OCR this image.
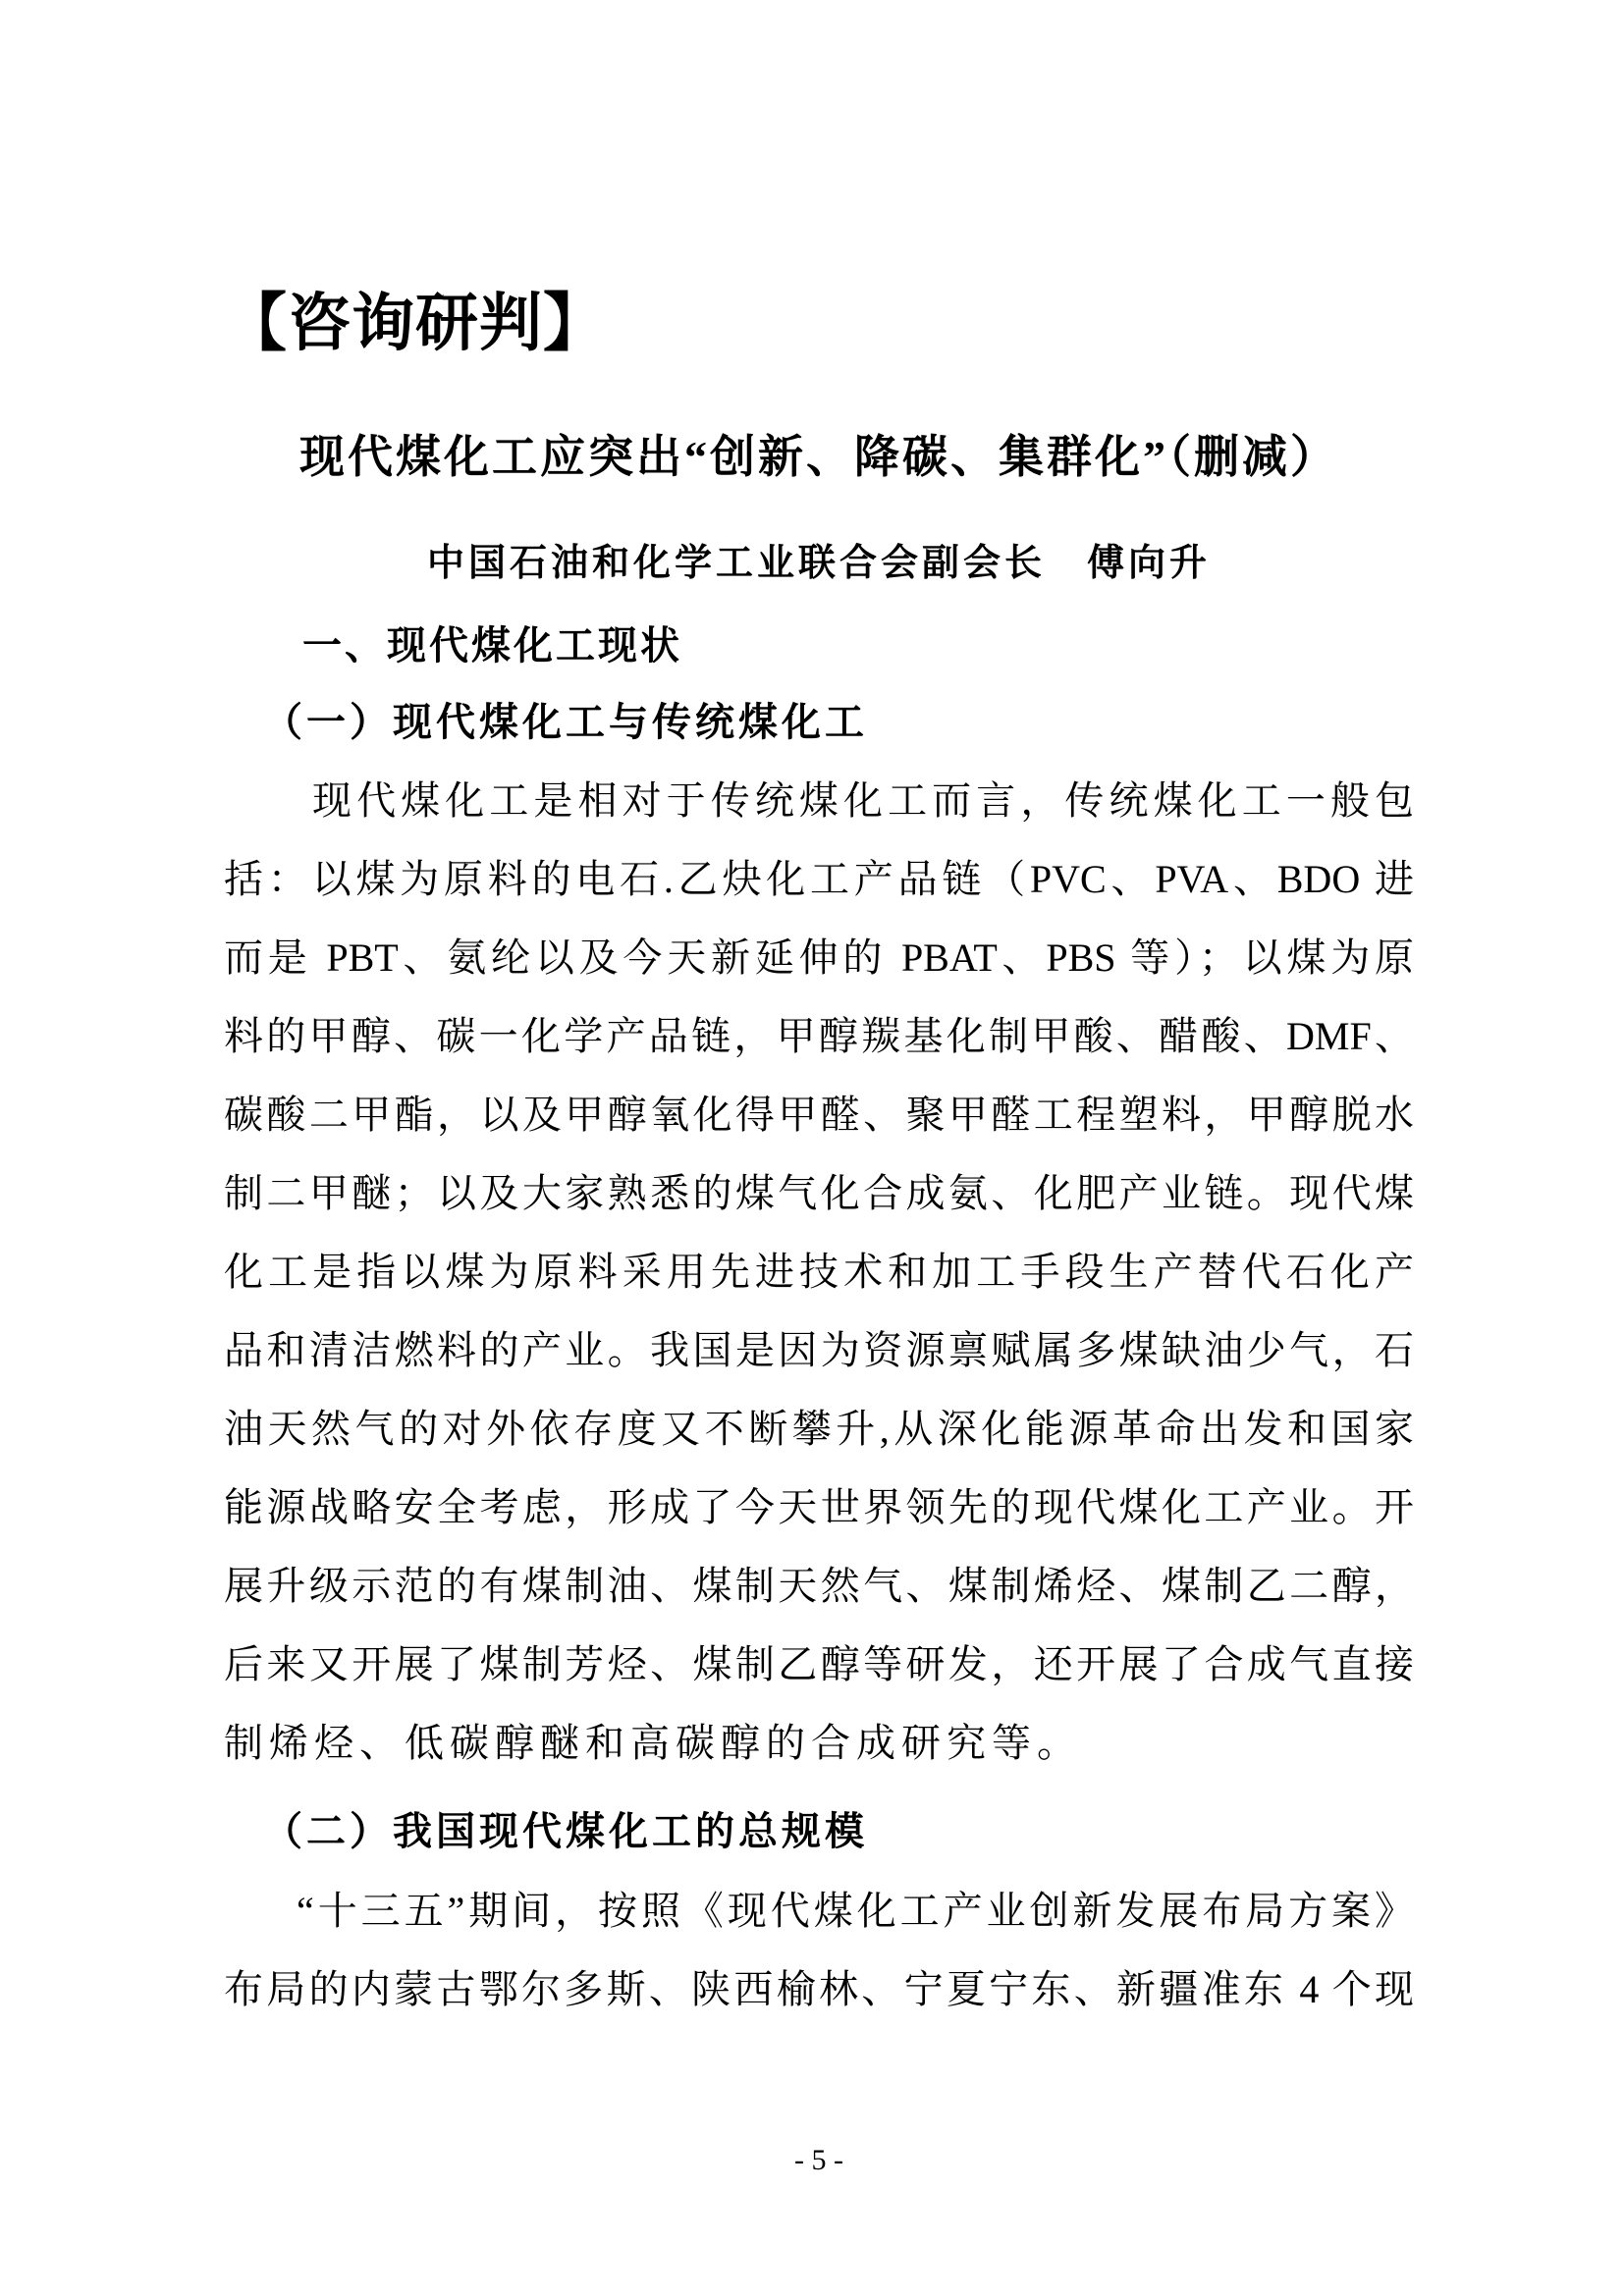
【咨询研判】
现代煤化工应突出“创新、降碳、集群化”（删减）
中国石油和化学工业联合会副会长　傅向升
一、现代煤化工现状
（一）现代煤化工与传统煤化工
现代煤化工是相对于传统煤化工而言，传统煤化工一般包
括：以煤为原料的电石.乙炔化工产品链（PVC、PVA、BDO 进
而是 PBT、氨纶以及今天新延伸的 PBAT、PBS 等）；以煤为原
料的甲醇、碳一化学产品链，甲醇羰基化制甲酸、醋酸、DMF、
碳酸二甲酯，以及甲醇氧化得甲醛、聚甲醛工程塑料，甲醇脱水
制二甲醚；以及大家熟悉的煤气化合成氨、化肥产业链。现代煤
化工是指以煤为原料采用先进技术和加工手段生产替代石化产
品和清洁燃料的产业。我国是因为资源禀赋属多煤缺油少气，石
油天然气的对外依存度又不断攀升,从深化能源革命出发和国家
能源战略安全考虑，形成了今天世界领先的现代煤化工产业。开
展升级示范的有煤制油、煤制天然气、煤制烯烃、煤制乙二醇，
后来又开展了煤制芳烃、煤制乙醇等研发，还开展了合成气直接
制烯烃、低碳醇醚和高碳醇的合成研究等。
（二）我国现代煤化工的总规模
“十三五”期间，按照《现代煤化工产业创新发展布局方案》
布局的内蒙古鄂尔多斯、陕西榆林、宁夏宁东、新疆准东 4 个现
- 5 -
